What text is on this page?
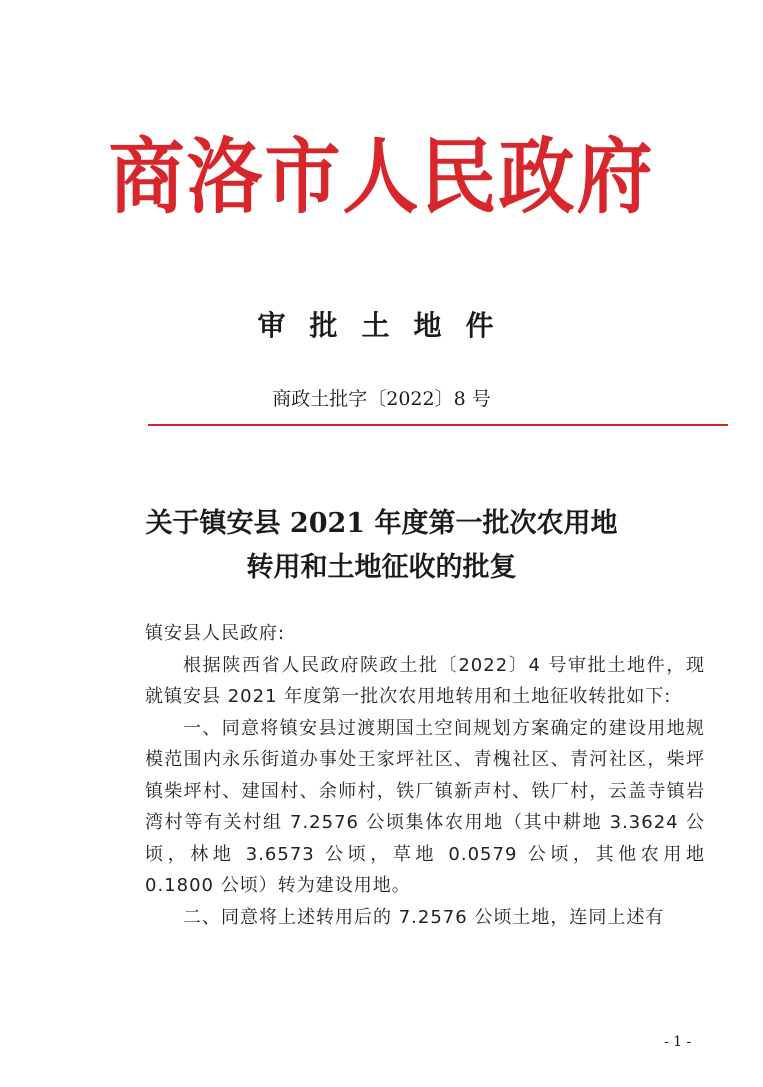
商洛市人民政府
审批土地件
商政土批字〔2022〕8 号
关于镇安县 2021 年度第一批次农用地
转用和土地征收的批复

镇安县人民政府:

根据陕西省人民政府陕政土批〔2022〕4 号审批土地件，现就镇安县 2021 年度第一批次农用地转用和土地征收转批如下:

一、同意将镇安县过渡期国土空间规划方案确定的建设用地规模范围内永乐街道办事处王家坪社区、青槐社区、青河社区，柴坪镇柴坪村、建国村、余师村，铁厂镇新声村、铁厂村，云盖寺镇岩湾村等有关村组 7.2576 公顷集体农用地（其中耕地 3.3624 公顷，林地 3.6573 公顷，草地 0.0579 公顷，其他农用地 0.1800 公顷）转为建设用地。

二、同意将上述转用后的 7.2576 公顷土地，连同上述有

- 1 -
